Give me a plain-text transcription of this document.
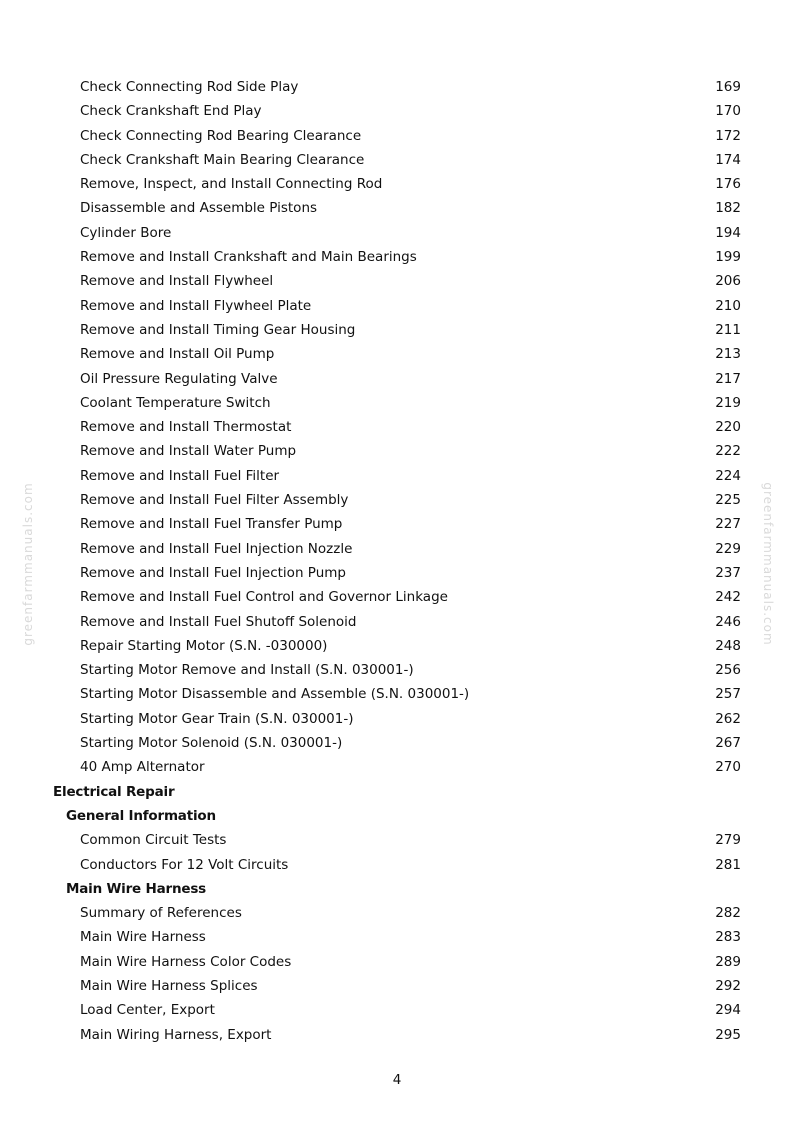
greenfarmmanuals.com	greenfarmmanuals.com
Check Connecting Rod Side Play	169
Check Crankshaft End Play	170
Check Connecting Rod Bearing Clearance	172
Check Crankshaft Main Bearing Clearance	174
Remove, Inspect, and Install Connecting Rod	176
Disassemble and Assemble Pistons	182
Cylinder Bore	194
Remove and Install Crankshaft and Main Bearings	199
Remove and Install Flywheel	206
Remove and Install Flywheel Plate	210
Remove and Install Timing Gear Housing	211
Remove and Install Oil Pump	213
Oil Pressure Regulating Valve	217
Coolant Temperature Switch	219
Remove and Install Thermostat	220
Remove and Install Water Pump	222
Remove and Install Fuel Filter	224
Remove and Install Fuel Filter Assembly	225
Remove and Install Fuel Transfer Pump	227
Remove and Install Fuel Injection Nozzle	229
Remove and Install Fuel Injection Pump	237
Remove and Install Fuel Control and Governor Linkage	242
Remove and Install Fuel Shutoff Solenoid	246
Repair Starting Motor (S.N. -030000)	248
Starting Motor Remove and Install (S.N. 030001-)	256
Starting Motor Disassemble and Assemble (S.N. 030001-)	257
Starting Motor Gear Train (S.N. 030001-)	262
Starting Motor Solenoid (S.N. 030001-)	267
40 Amp Alternator	270
Electrical Repair
General Information
Common Circuit Tests	279
Conductors For 12 Volt Circuits	281
Main Wire Harness
Summary of References	282
Main Wire Harness	283
Main Wire Harness Color Codes	289
Main Wire Harness Splices	292
Load Center, Export	294
Main Wiring Harness, Export	295
4
